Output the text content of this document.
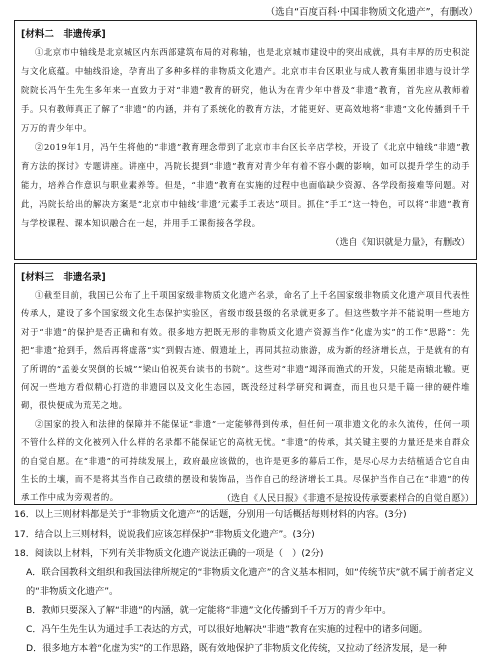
（选自“百度百科·中国非物质文化遗产”，有删改）
[材料二　非遗传承]

①北京市中轴线是北京城区内东西部建筑布局的对称轴，也是北京城市建设中的突出成就，具有丰厚的历史积淀与文化底蕴。中轴线沿途，孕育出了多种多样的非物质文化遗产。北京市丰台区职业与成人教育集团非遗与设计学院院长冯午生先生多年来一直致力于对“非遗”教育的研究，他认为在青少年中普及“非遗”教育，首先应从教师着手。只有教师真正了解了“非遗”的内涵，并有了系统化的教育方法，才能更好、更高效地将“非遗”文化传播到千千万万的青少年中。

②2019年1月，冯午生将他的“非遗”教育理念带到了北京市丰台区长辛店学校，开设了《北京中轴线“非遗”教育方法的探讨》专题讲座。讲座中，冯院长提到“非遗”教育对青少年有着不容小觑的影响，如可以提升学生的动手能力，培养合作意识与职业素养等。但是，“非遗”教育在实施的过程中也面临缺少资源、各学段衔接难等问题。对此，冯院长给出的解决方案是“北京市中轴线‘非遗’元素手工表达”项目。抓住“手工”这一特色，可以将“非遗”教育与学校课程、课本知识融合在一起，并用手工课衔接各学段。

（选自《知识就是力量》，有删改）
[材料三　非遗名录]

①截至目前，我国已公布了上千项国家级非物质文化遗产名录，命名了上千名国家级非物质文化遗产项目代表性传承人，建设了多个国家级文化生态保护实验区，省级市级县级的名录就更多了。但这些数字并不能说明一些地方对于“非遗”的保护是否正确和有效。很多地方把既无形的非物质文化遗产资源当作“化虚为实”的工作“思路”：先把“非遗”抢到手，然后再将虚落“实”到假古迹、假遗址上，再同其拉动旅游，成为新的经济增长点，于是就有的有了所谓的“孟姜女哭倒的长城”“梁山伯祝英台读书的书院”。这些对“非遗”竭泽而渔式的开发，只能是南辕北辙。更何况一些地方看似精心打造的非遗园以及文化生态园，既没经过科学研究和调查，而且也只是千篇一律的硬件堆砌，很快便成为荒芜之地。

②国家的投入和法律的保障并不能保证“非遗”一定能够得到传承，但任何一项非遗文化的永久流传，任何一项不管什么样的文化被列入什么样的名录都不能保证它的高枕无忧。“非遗”的传承，其关键主要的力量还是来自群众的自觉自愿。在“非遗”的可持续发展上，政府最应该做的，也许是更多的幕后工作，是尽心尽力去结植适合它自由生长的土壤，而不是将其当作自己政绩的摆设和装饰品，当作自己的经济增长工具。尽保护当作自己在“非遗”的传承工作中成为旁观者的。	（选自《人民日报》《非遗不是按设传承要素样合的自觉自愿》）
16．以上三则材料都是关于“非物质文化遗产”的话题，分别用一句话概括每则材料的内容。(3分)
17．结合以上三则材料，说说我们应该怎样保护“非物质文化遗产”。(3分)
18．阅读以上材料，下列有关非物质文化遗产说法正确的一项是（　）(2分)
A．联合国教科文组织和我国法律所规定的“非物质文化遗产”的含义基本相同，如“传统节庆”就不属于前者定义的“非物质文化遗产”。
B．教师只要深入了解“非遗”的内涵，就一定能将“非遗”文化传播到千千万万的青少年中。
C．冯午生先生认为通过手工表达的方式，可以很好地解决“非遗”教育在实施的过程中的诸多问题。
D．很多地方本着“化虚为实”的工作思路，既有效地保护了非物质文化传统，又拉动了经济发展，是一种
